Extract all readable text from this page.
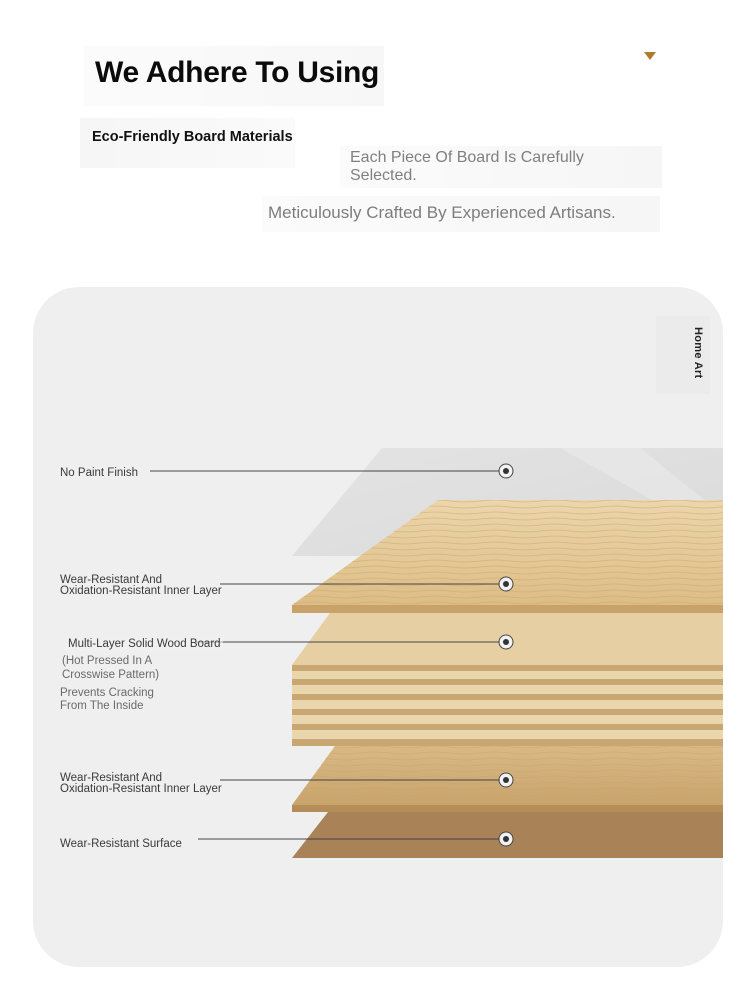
We Adhere To Using
Eco-Friendly Board Materials
Each Piece Of Board Is Carefully Selected.
Meticulously Crafted By Experienced Artisans.
Home Art
No Paint Finish
Wear-Resistant And
Oxidation-Resistant Inner Layer
Multi-Layer Solid Wood Board
(Hot Pressed In A
Crosswise Pattern)
Prevents Cracking
From The Inside
Wear-Resistant And
Oxidation-Resistant Inner Layer
Wear-Resistant Surface
